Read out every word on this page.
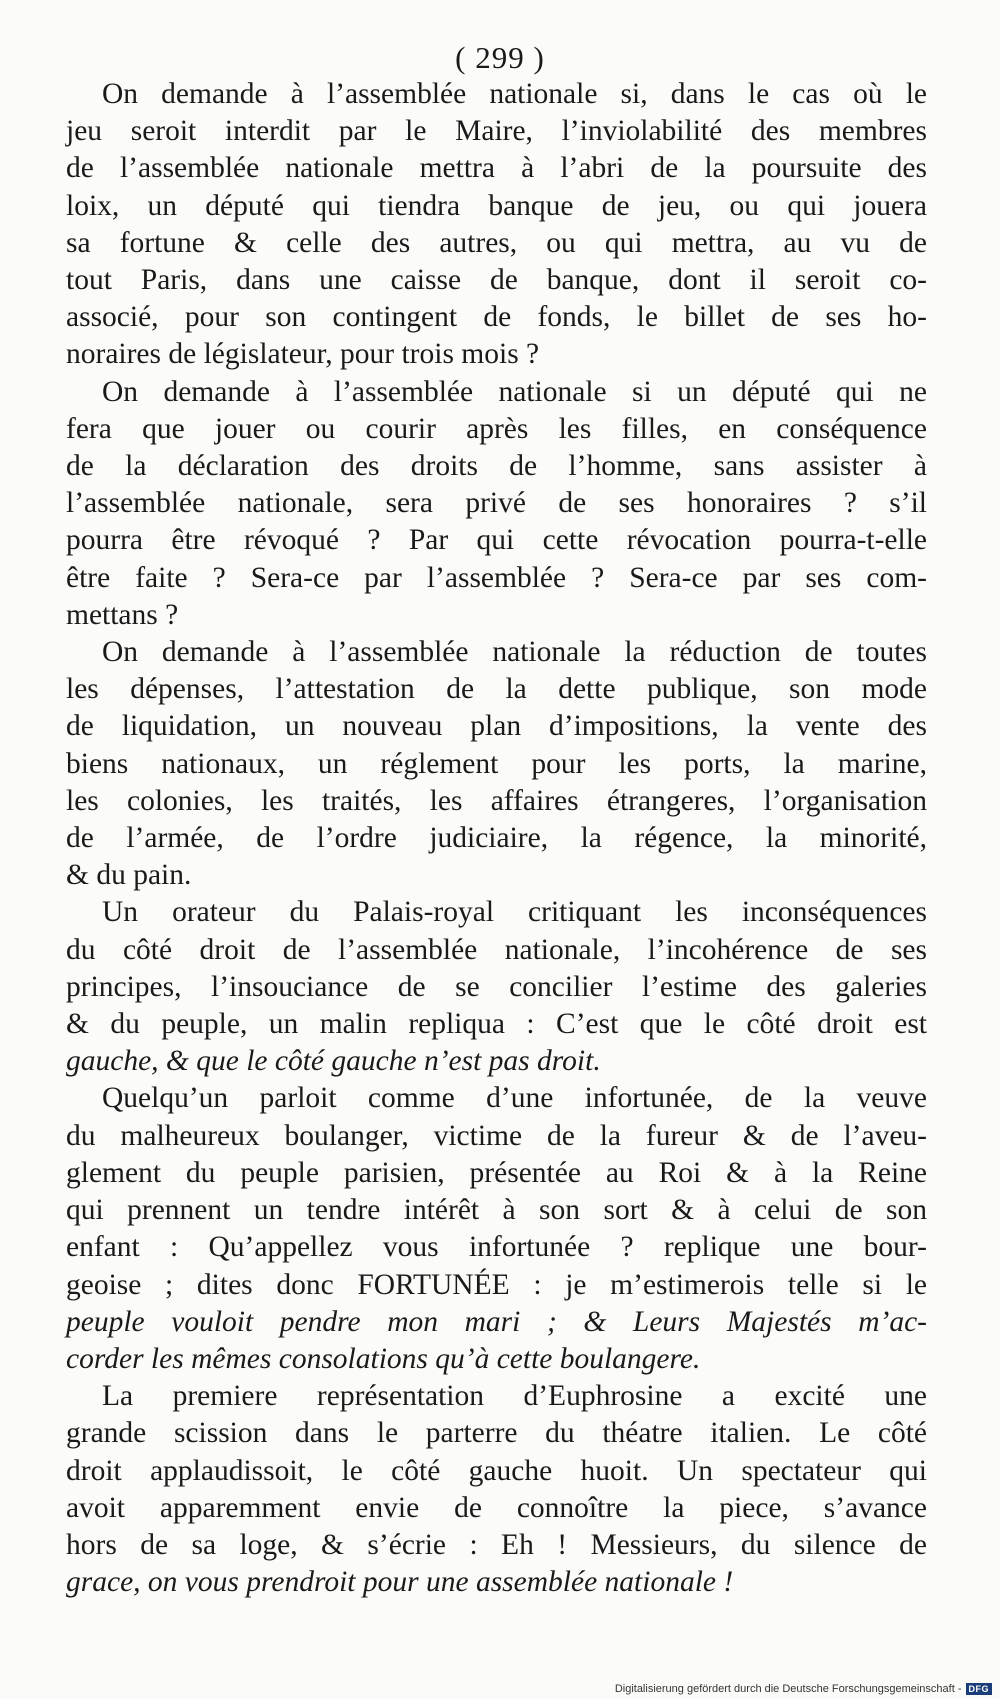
( 299 )
On demande à l’assemblée nationale si, dans le cas où le
jeu seroit interdit par le Maire, l’inviolabilité des membres
de l’assemblée nationale mettra à l’abri de la poursuite des
loix, un député qui tiendra banque de jeu, ou qui jouera
sa fortune & celle des autres, ou qui mettra, au vu de
tout Paris, dans une caisse de banque, dont il seroit co-
associé, pour son contingent de fonds, le billet de ses ho-
noraires de législateur, pour trois mois ?
On demande à l’assemblée nationale si un député qui ne
fera que jouer ou courir après les filles, en conséquence
de la déclaration des droits de l’homme, sans assister à
l’assemblée nationale, sera privé de ses honoraires ? s’il
pourra être révoqué ? Par qui cette révocation pourra-t-elle
être faite ? Sera-ce par l’assemblée ? Sera-ce par ses com-
mettans ?
On demande à l’assemblée nationale la réduction de toutes
les dépenses, l’attestation de la dette publique, son mode
de liquidation, un nouveau plan d’impositions, la vente des
biens nationaux, un réglement pour les ports, la marine,
les colonies, les traités, les affaires étrangeres, l’organisation
de l’armée, de l’ordre judiciaire, la régence, la minorité,
& du pain.
Un orateur du Palais-royal critiquant les inconséquences
du côté droit de l’assemblée nationale, l’incohérence de ses
principes, l’insouciance de se concilier l’estime des galeries
& du peuple, un malin repliqua : C’est que le côté droit est
gauche, & que le côté gauche n’est pas droit.
Quelqu’un parloit comme d’une infortunée, de la veuve
du malheureux boulanger, victime de la fureur & de l’aveu-
glement du peuple parisien, présentée au Roi & à la Reine
qui prennent un tendre intérêt à son sort & à celui de son
enfant : Qu’appellez vous infortunée ? replique une bour-
geoise ; dites donc FORTUNÉE : je m’estimerois telle si le
peuple vouloit pendre mon mari ; & Leurs Majestés m’ac-
corder les mêmes consolations qu’à cette boulangere.
La premiere représentation d’Euphrosine a excité une
grande scission dans le parterre du théatre italien. Le côté
droit applaudissoit, le côté gauche huoit. Un spectateur qui
avoit apparemment envie de connoître la piece, s’avance
hors de sa loge, & s’écrie : Eh ! Messieurs, du silence de
grace, on vous prendroit pour une assemblée nationale !
Digitalisierung gefördert durch die Deutsche Forschungsgemeinschaft - DFG
